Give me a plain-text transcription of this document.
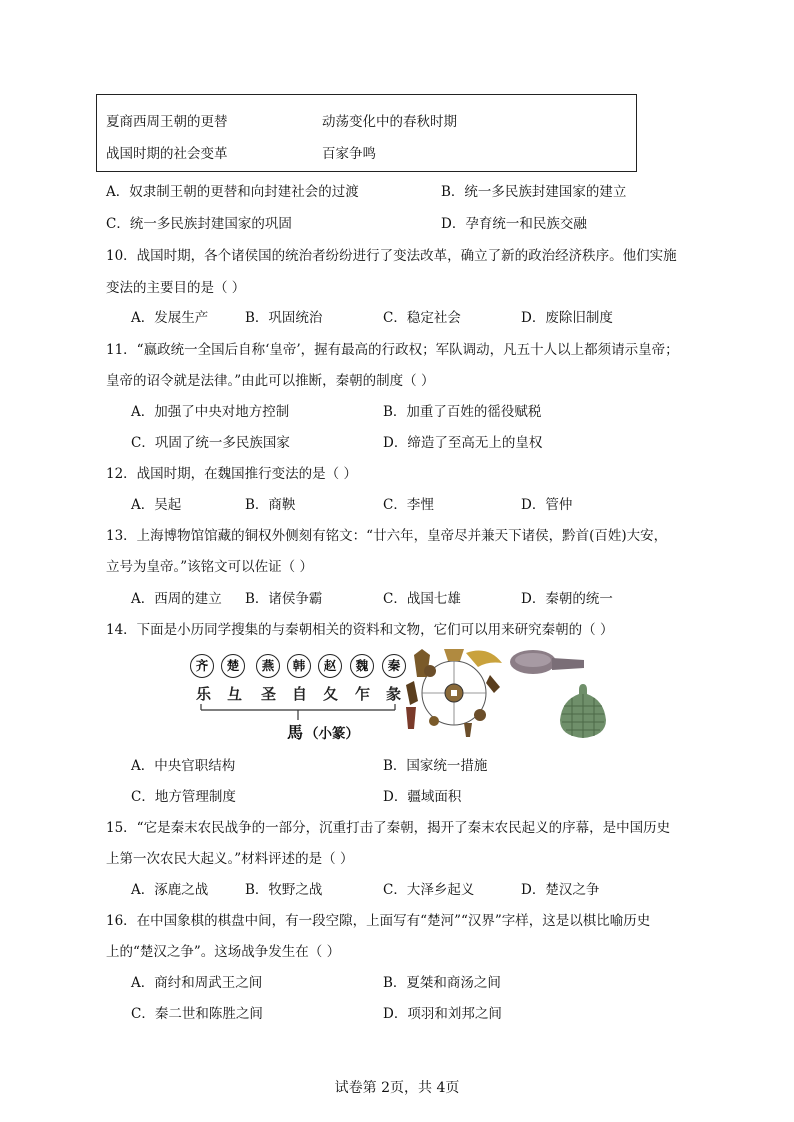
夏商西周王朝的更替	动荡变化中的春秋时期
战国时期的社会变革	百家争鸣
A．奴隶制王朝的更替和向封建社会的过渡	B．统一多民族封建国家的建立
C．统一多民族封建国家的巩固	D．孕育统一和民族交融
10．战国时期，各个诸侯国的统治者纷纷进行了变法改革，确立了新的政治经济秩序。他们实施
变法的主要目的是（ ）
A．发展生产	B．巩固统治	C．稳定社会	D．废除旧制度
11．“嬴政统一全国后自称‘皇帝’，握有最高的行政权；军队调动，凡五十人以上都须请示皇帝；
皇帝的诏令就是法律。”由此可以推断，秦朝的制度（ ）
A．加强了中央对地方控制	B．加重了百姓的徭役赋税
C．巩固了统一多民族国家	D．缔造了至高无上的皇权
12．战国时期，在魏国推行变法的是（ ）
A．吴起	B．商鞅	C．李悝	D．管仲
13．上海博物馆馆藏的铜权外侧刻有铭文：“廿六年，皇帝尽并兼天下诸侯，黔首(百姓)大安，
立号为皇帝。”该铭文可以佐证（ ）
A．西周的建立 B．诸侯争霸	C．战国七雄	D．秦朝的统一
14．下面是小历同学搜集的与秦朝相关的资料和文物，它们可以用来研究秦朝的（ ）
齐	楚	燕	韩	赵	魏	秦
乐 彑 圣 自 夂 乍 彖
馬 （小篆）
A．中央官职结构	B．国家统一措施
C．地方管理制度	D．疆域面积
15．“它是秦末农民战争的一部分，沉重打击了秦朝，揭开了秦末农民起义的序幕，是中国历史
上第一次农民大起义。”材料评述的是（ ）
A．涿鹿之战	B．牧野之战	C．大泽乡起义	D．楚汉之争
16．在中国象棋的棋盘中间，有一段空隙，上面写有“楚河”“汉界”字样，这是以棋比喻历史
上的“楚汉之争”。这场战争发生在（ ）
A．商纣和周武王之间	B．夏桀和商汤之间
C．秦二世和陈胜之间	D．项羽和刘邦之间
试卷第 2页，共 4页
